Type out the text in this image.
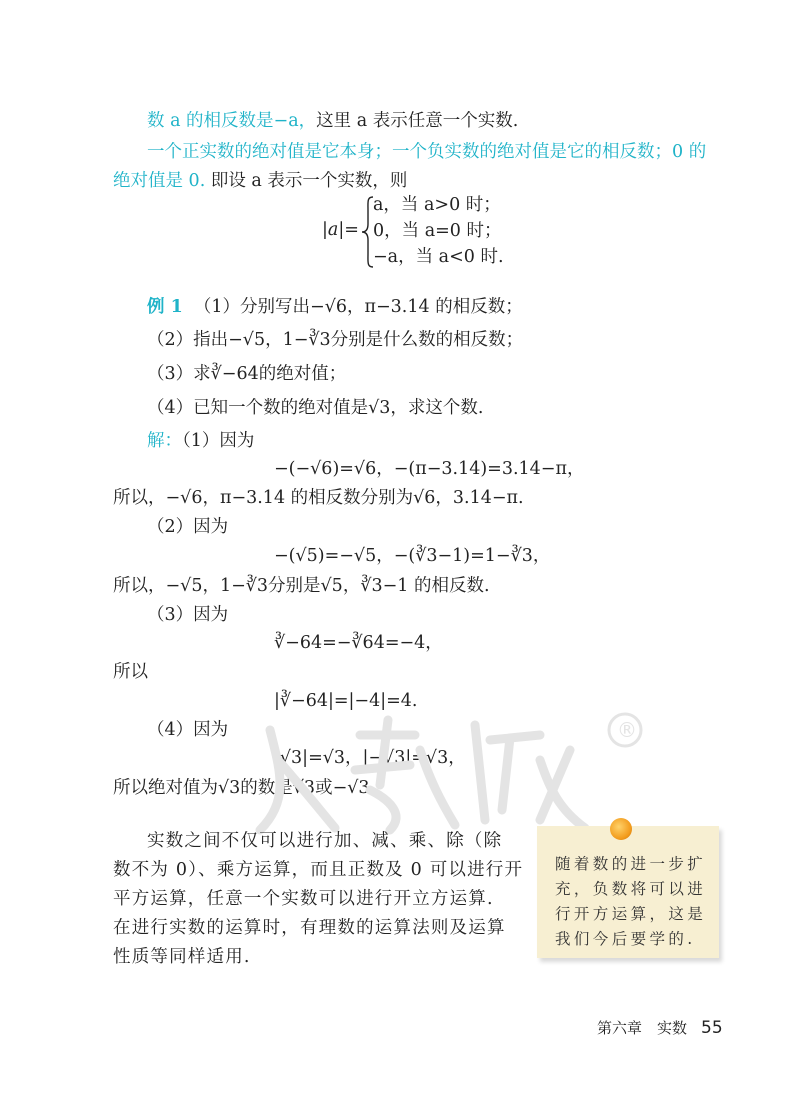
数 a 的相反数是−a，这里 a 表示任意一个实数.
一个正实数的绝对值是它本身；一个负实数的绝对值是它的相反数；0 的
绝对值是 0. 即设 a 表示一个实数，则
|a|=
a，当 a>0 时；
0，当 a=0 时；
−a，当 a<0 时.
例 1 （1）分别写出−√6，π−3.14 的相反数；
（2）指出−√5，1−∛3分别是什么数的相反数；
（3）求∛−64的绝对值；
（4）已知一个数的绝对值是√3，求这个数.
解：（1）因为
−(−√6)=√6，−(π−3.14)=3.14−π，
所以，−√6，π−3.14 的相反数分别为√6，3.14−π.
（2）因为
−(√5)=−√5，−(∛3−1)=1−∛3，
所以，−√5，1−∛3分别是√5，∛3−1 的相反数.
（3）因为
∛−64=−∛64=−4，
所以
|∛−64|=|−4|=4.
（4）因为
|√3|=√3，|−√3|=√3，
所以绝对值为√3的数是√3或−√3.
®
实数之间不仅可以进行加、减、乘、除（除
数不为 0）、乘方运算，而且正数及 0 可以进行开
平方运算，任意一个实数可以进行开立方运算.
在进行实数的运算时，有理数的运算法则及运算
性质等同样适用.
随着数的进一步扩充，负数将可以进行开方运算，这是我们今后要学的.
第六章　实数 55
